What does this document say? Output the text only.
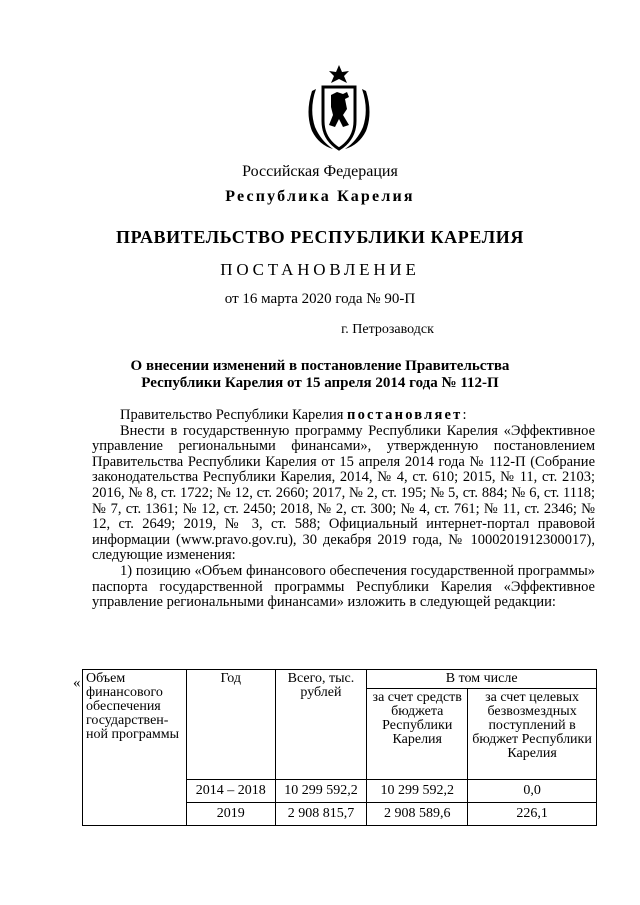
Российская Федерация
Республика Карелия
ПРАВИТЕЛЬСТВО РЕСПУБЛИКИ КАРЕЛИЯ
ПОСТАНОВЛЕНИЕ
от 16 марта 2020 года № 90-П
г. Петрозаводск
О внесении изменений в постановление Правительства
Республики Карелия от 15 апреля 2014 года № 112-П

Правительство Республики Карелия постановляет:

Внести в государственную программу Республики Карелия «Эффективное управление региональными финансами», утвержденную постановлением Правительства Республики Карелия от 15 апреля 2014 года № 112-П (Собрание законодательства Республики Карелия, 2014, № 4, ст. 610; 2015, № 11, ст. 2103; 2016, № 8, ст. 1722; № 12, ст. 2660; 2017, № 2, ст. 195; № 5, ст. 884; № 6, ст. 1118; № 7, ст. 1361; № 12, ст. 2450; 2018, № 2, ст. 300; № 4, ст. 761; № 11, ст. 2346; № 12, ст. 2649; 2019, № 3, ст. 588; Официальный интернет-портал правовой информации (www.pravo.gov.ru), 30 декабря 2019 года, № 1000201912300017), следующие изменения:

1) позицию «Объем финансового обеспечения государственной программы» паспорта государственной программы Республики Карелия «Эффективное управление региональными финансами» изложить в следующей редакции:

« Объем финансового обеспечения государствен-ной программы	Год	Всего, тыс. рублей	В том числе	
			за счет средств бюджета Республики Карелия	за счет целевых безвозмездных поступлений в бюджет Республики Карелия
	2014 – 2018	10 299 592,2	10 299 592,2	0,0
	2019	2 908 815,7	2 908 589,6	226,1
